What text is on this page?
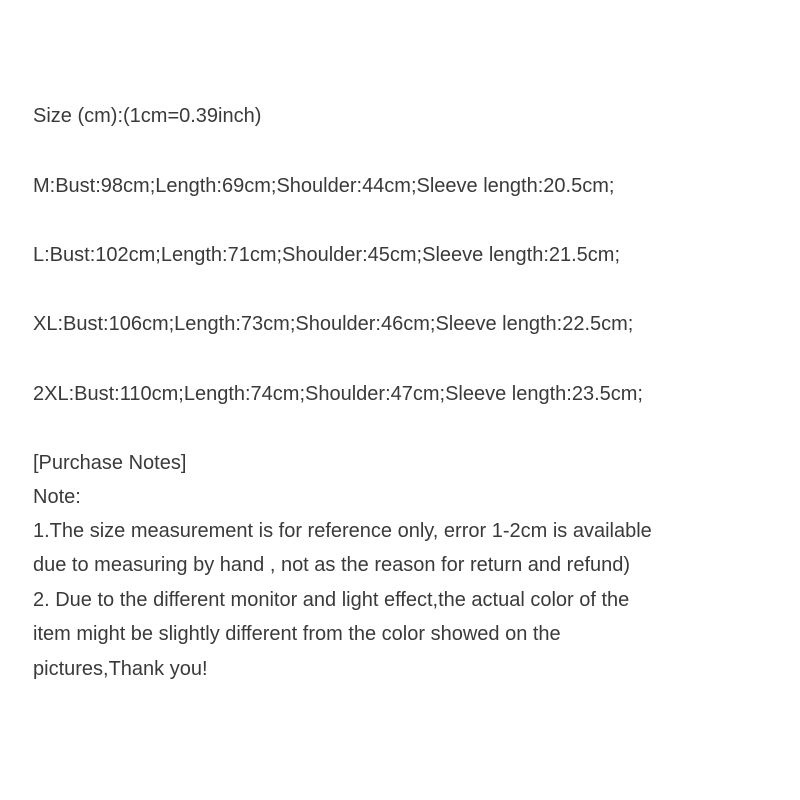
Size (cm):(1cm=0.39inch)
M:Bust:98cm;Length:69cm;Shoulder:44cm;Sleeve length:20.5cm;
L:Bust:102cm;Length:71cm;Shoulder:45cm;Sleeve length:21.5cm;
XL:Bust:106cm;Length:73cm;Shoulder:46cm;Sleeve length:22.5cm;
2XL:Bust:110cm;Length:74cm;Shoulder:47cm;Sleeve length:23.5cm;
[Purchase Notes]
Note:
1.The size measurement is for reference only, error 1-2cm is available
due to measuring by hand , not as the reason for return and refund)
2. Due to the different monitor and light effect,the actual color of the
item might be slightly different from the color showed on the
pictures,Thank you!
